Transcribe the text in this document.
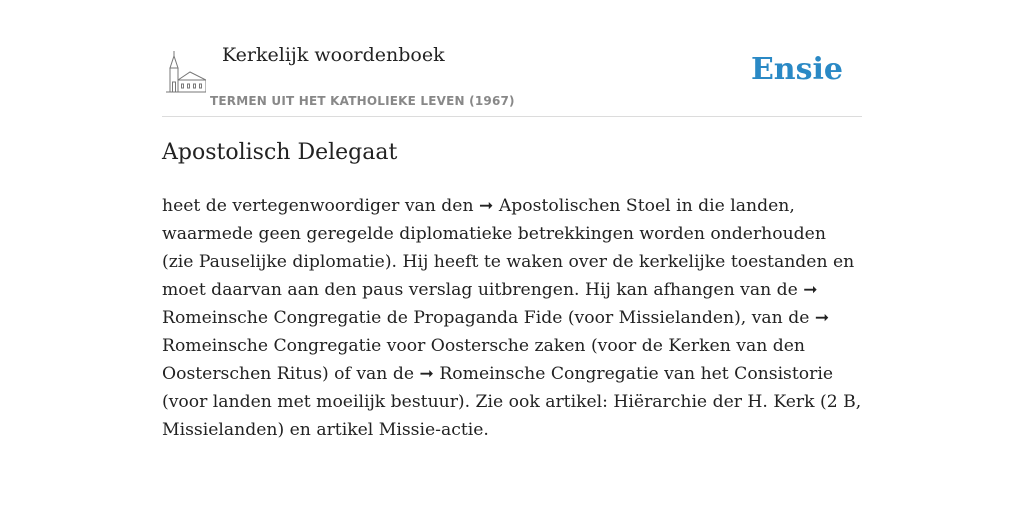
Kerkelijk woordenboek
TERMEN UIT HET KATHOLIEKE LEVEN (1967)
Ensie
Apostolisch Delegaat
heet de vertegenwoordiger van den ➞ Apostolischen Stoel in die landen, waarmede geen geregelde diplomatieke betrekkingen worden onderhouden (zie Pauselijke diplomatie). Hij heeft te waken over de kerkelijke toestanden en moet daarvan aan den paus verslag uitbrengen. Hij kan afhangen van de ➞ Romeinsche Congregatie de Propaganda Fide (voor Missielanden), van de ➞ Romeinsche Congregatie voor Oostersche zaken (voor de Kerken van den Oosterschen Ritus) of van de ➞ Romeinsche Congregatie van het Consistorie (voor landen met moeilijk bestuur). Zie ook artikel: Hiërarchie der H. Kerk (2 B, Missielanden) en artikel Missie-actie.
